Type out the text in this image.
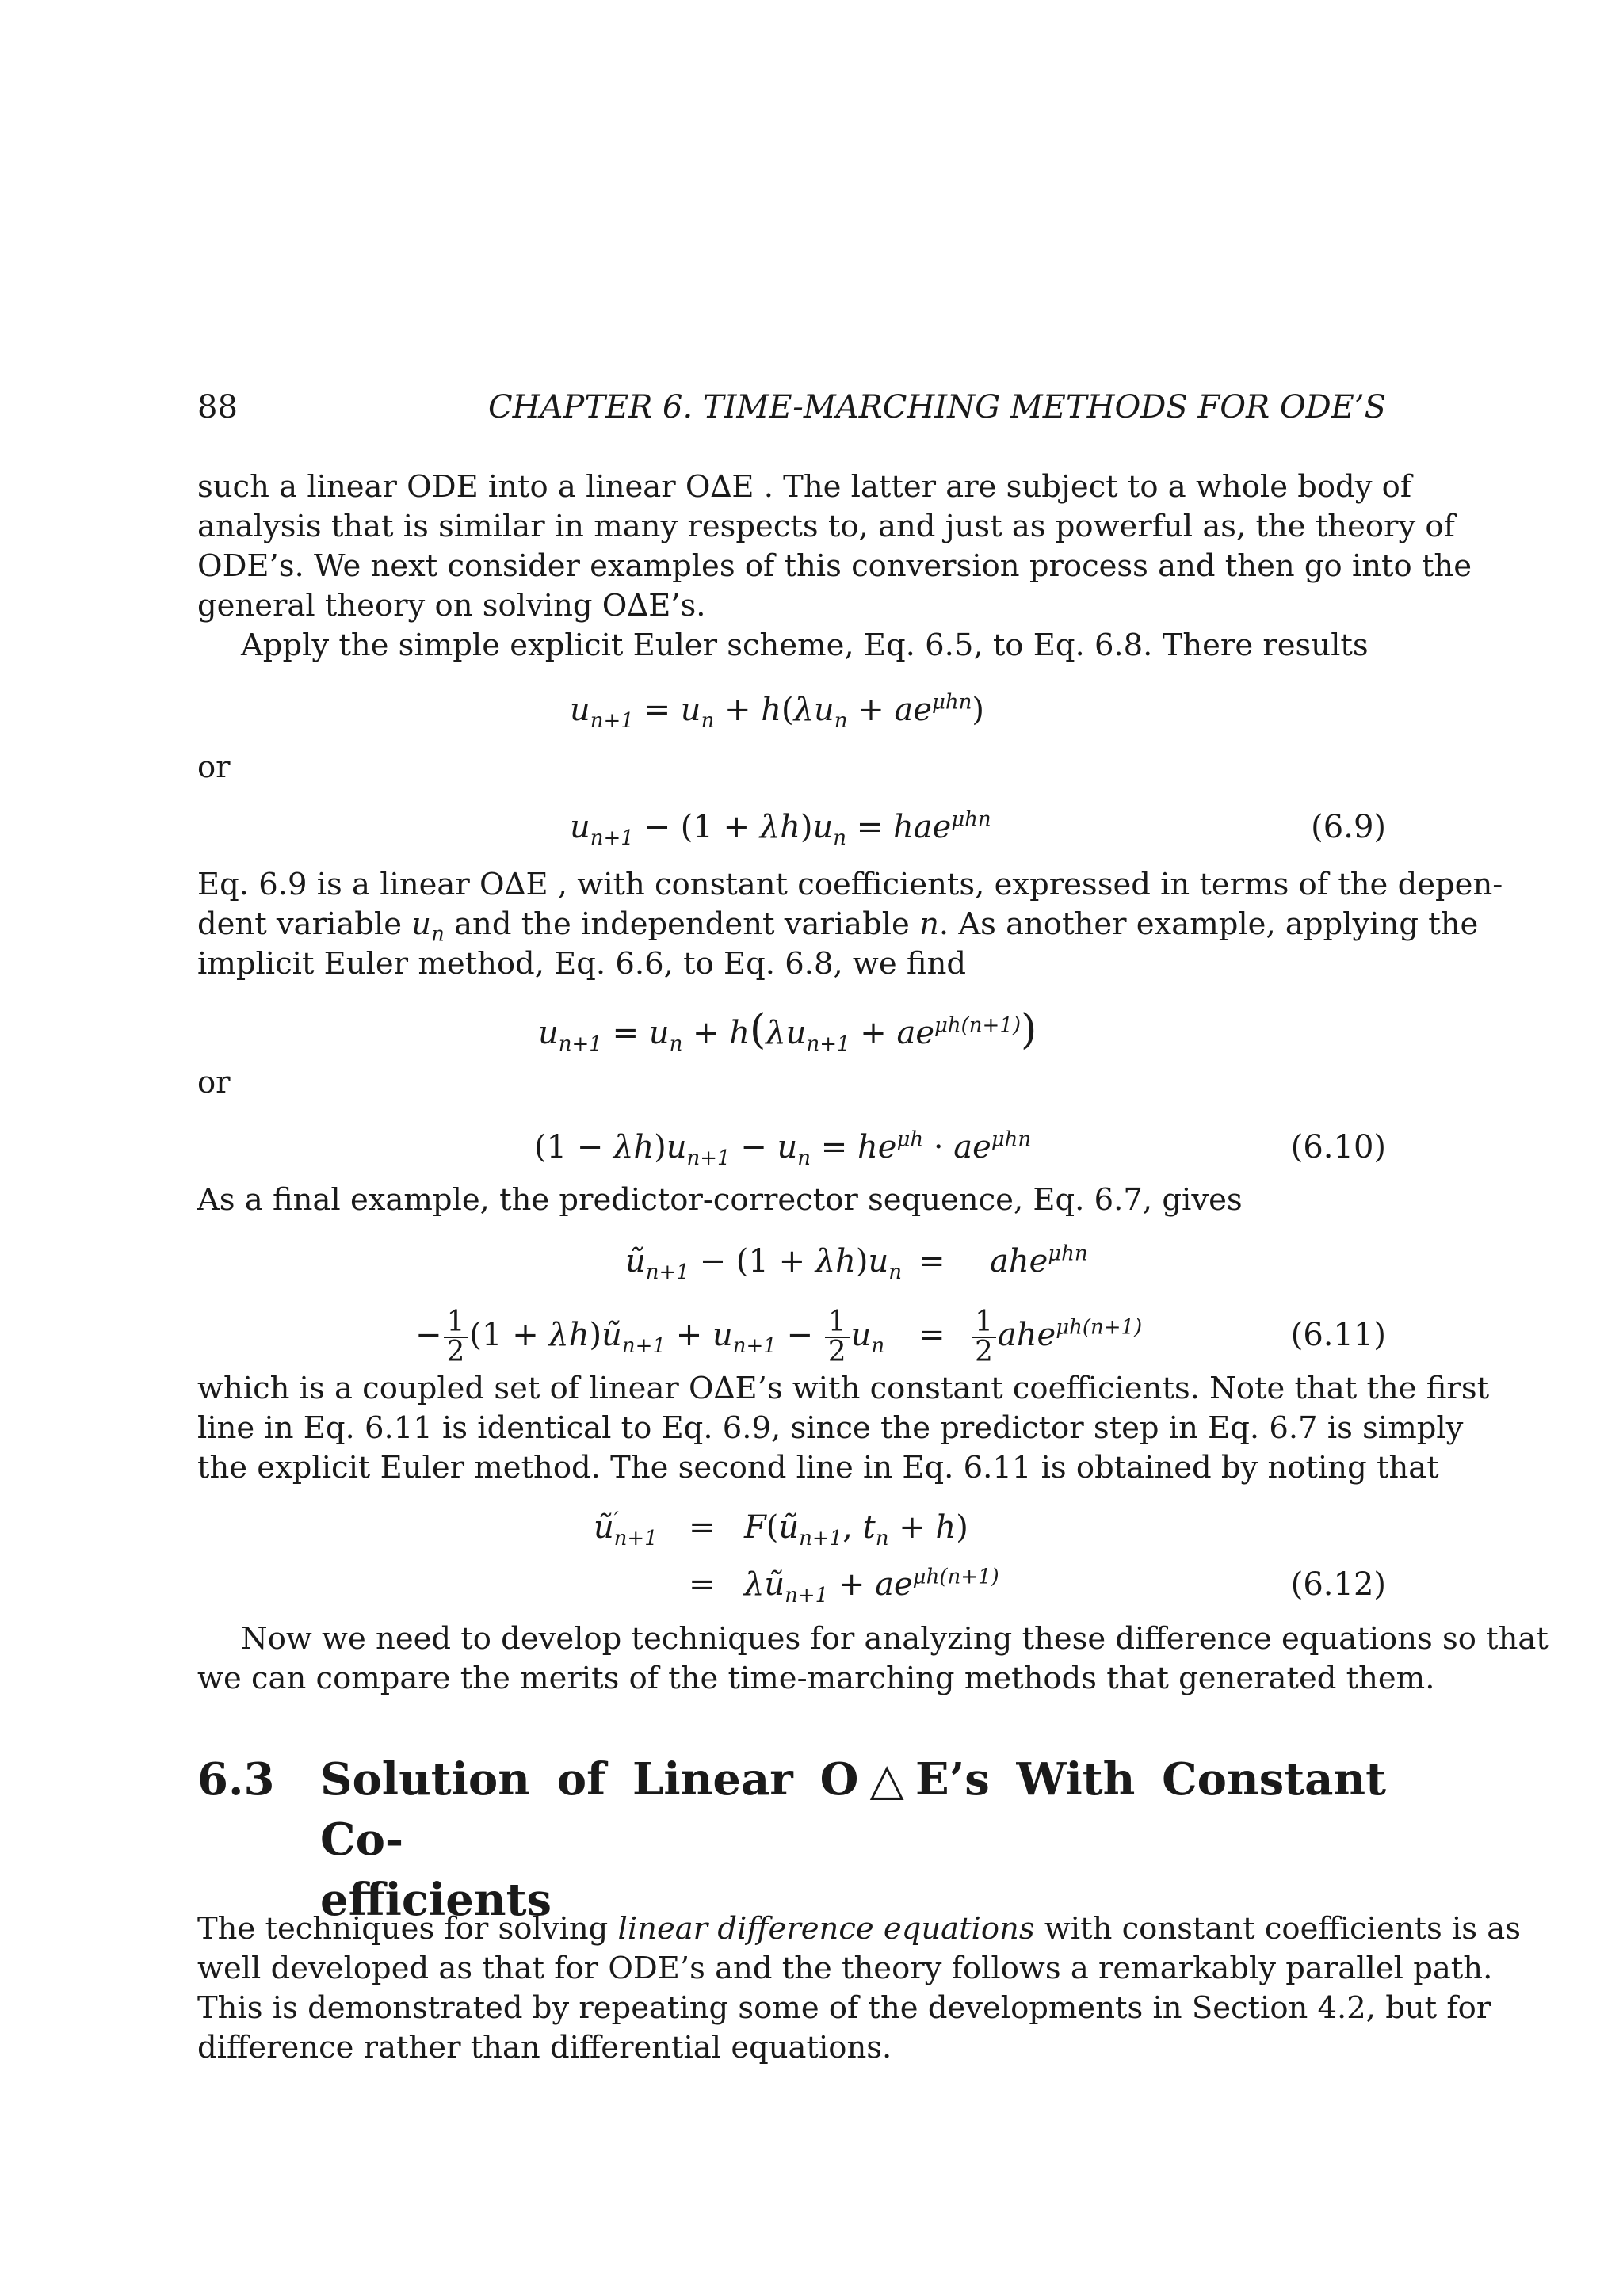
88	CHAPTER 6. TIME-MARCHING METHODS FOR ODE’S
such a linear ODE into a linear O∆E . The latter are subject to a whole body of
analysis that is similar in many respects to, and just as powerful as, the theory of
ODE’s. We next consider examples of this conversion process and then go into the
general theory on solving O∆E’s.
Apply the simple explicit Euler scheme, Eq. 6.5, to Eq. 6.8. There results
$u_{n+1} = u_n + h(\lambda u_n + ae^{\mu hn})$
or
$u_{n+1} - (1 + \lambda h)u_n = hae^{\mu hn}$	(6.9)
Eq. 6.9 is a linear O∆E , with constant coefficients, expressed in terms of the depen-
dent variable $u_n$ and the independent variable n. As another example, applying the
implicit Euler method, Eq. 6.6, to Eq. 6.8, we find
$u_{n+1} = u_n + h(\lambda u_{n+1} + ae^{\mu h(n+1)})$
or
$(1 - \lambda h)u_{n+1} - u_n = he^{\mu h} \cdot ae^{\mu hn}$	(6.10)
As a final example, the predictor-corrector sequence, Eq. 6.7, gives
$ũ_{n+1} - (1 + \lambda h)u_n = ahe^{\mu hn}$
− $\frac{1}{2} (1$ + $\lambda h)ũ_{n+1} + u_{n+1} - \frac{1}{2} u_n = \frac{1}{2} ahe^{\mu h(n+1)}$	(6.11)
which is a coupled set of linear O∆E’s with constant coefficients. Note that the first
line in Eq. 6.11 is identical to Eq. 6.9, since the predictor step in Eq. 6.7 is simply
the explicit Euler method. The second line in Eq. 6.11 is obtained by noting that
$ũ'_{n+1}$ = $F(ũ_{n+1}$, $t_n + h$)
= $\lambda ũ_{n+1} + ae^{\mu h(n+1)}$	(6.12)
Now we need to develop techniques for analyzing these difference equations so that
we can compare the merits of the time-marching methods that generated them.
6.3 Solution of Linear O△E’s With Constant Co-
efficients
The techniques for solving linear difference equations with constant coefficients is as
well developed as that for ODE’s and the theory follows a remarkably parallel path.
This is demonstrated by repeating some of the developments in Section 4.2, but for
difference rather than differential equations.
